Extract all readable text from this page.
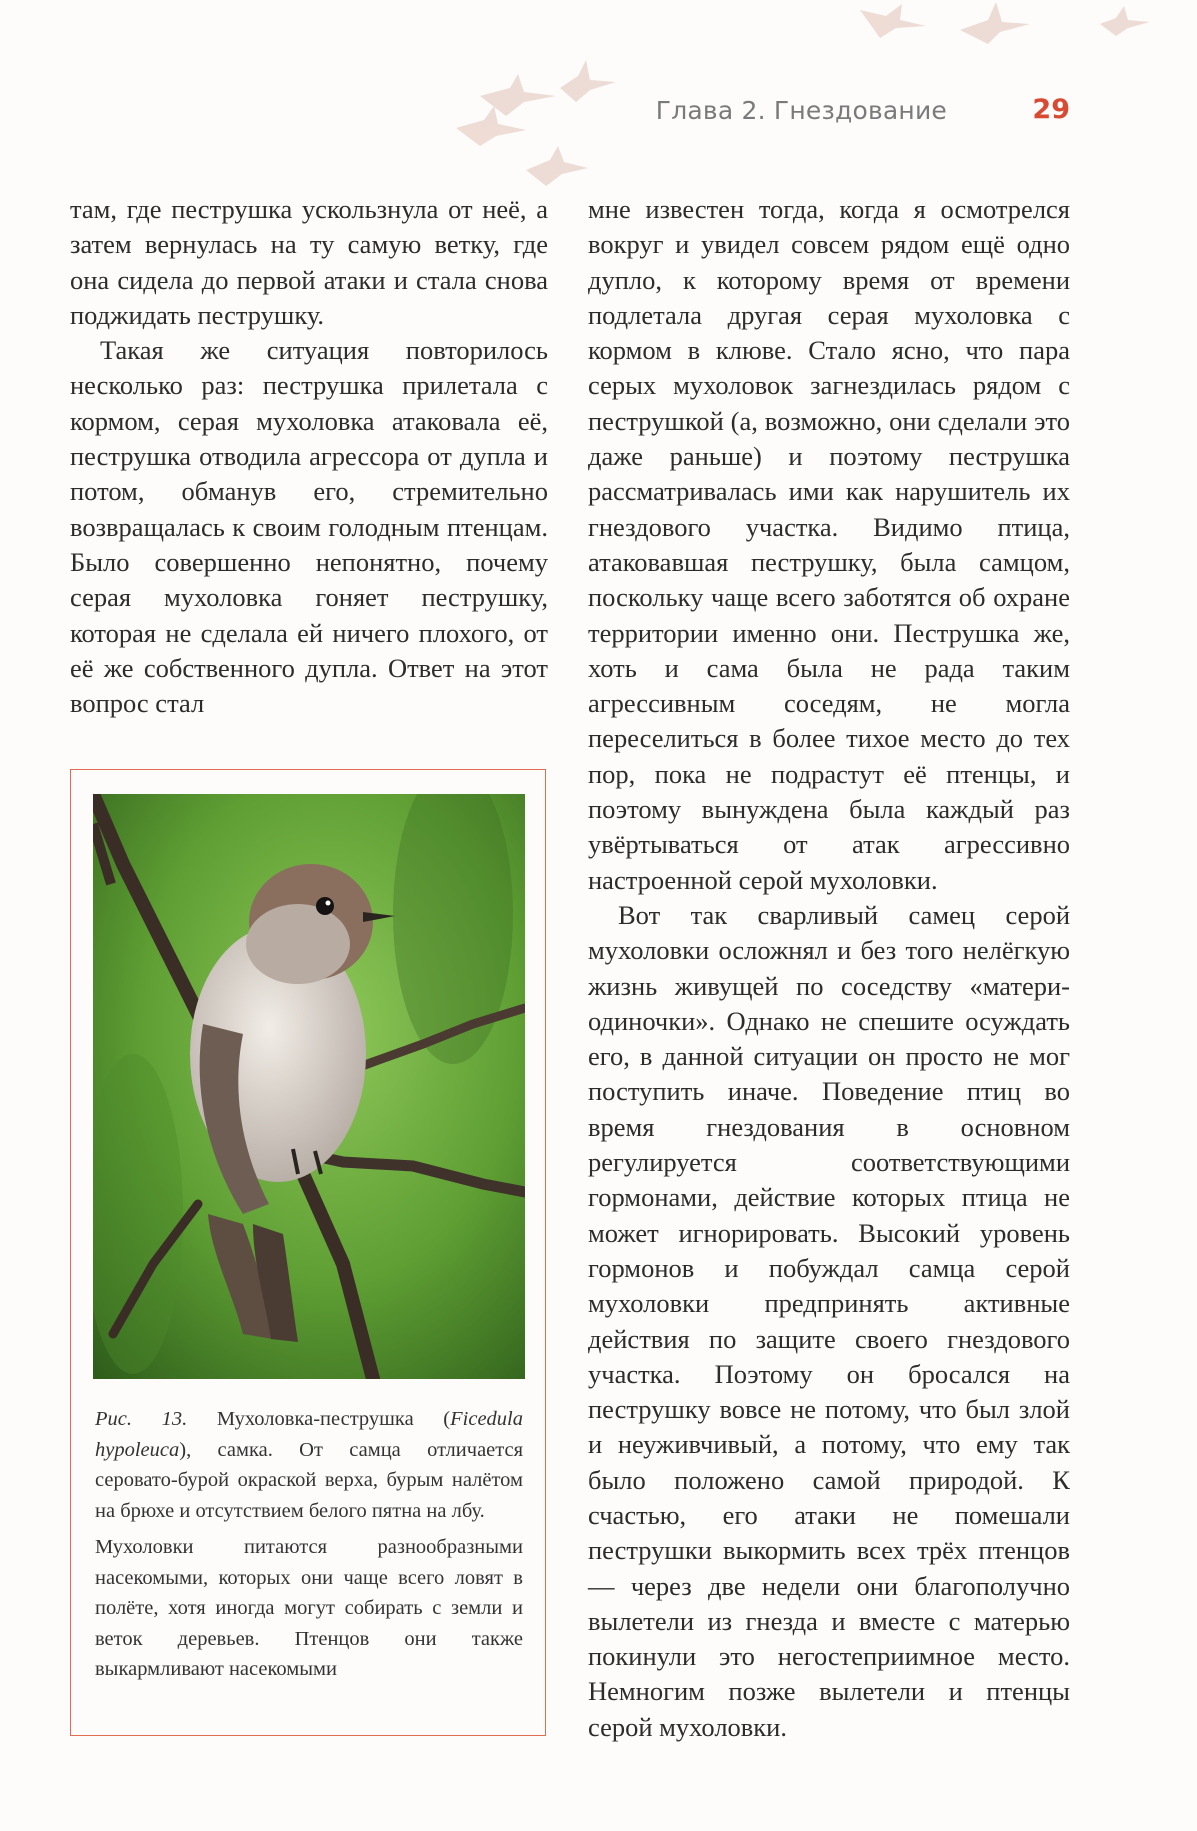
Глава 2. Гнездование	29

там, где пеструшка ускользнула от неё, а затем вернулась на ту самую ветку, где она сидела до первой атаки и стала снова поджидать пеструшку.

Такая же ситуация повторилось несколько раз: пеструшка прилетала с кормом, серая мухоловка атаковала её, пеструшка отводила агрессора от дупла и потом, обманув его, стремительно возвращалась к своим голодным птенцам. Было совершенно непонятно, почему серая мухоловка гоняет пеструшку, которая не сделала ей ничего плохого, от её же собственного дупла. Ответ на этот вопрос стал

Рис. 13. Мухоловка-пеструшка (Ficedula hypoleuca), самка. От самца отличается серовато-бурой окраской верха, бурым налётом на брюхе и отсутствием белого пятна на лбу.

Мухоловки питаются разнообразными насекомыми, которых они чаще всего ловят в полёте, хотя иногда могут собирать с земли и веток деревьев. Птенцов они также выкармливают насекомыми

мне известен тогда, когда я осмотрелся вокруг и увидел совсем рядом ещё одно дупло, к которому время от времени подлетала другая серая мухоловка с кормом в клюве. Стало ясно, что пара серых мухоловок загнездилась рядом с пеструшкой (а, возможно, они сделали это даже раньше) и поэтому пеструшка рассматривалась ими как нарушитель их гнездового участка. Видимо птица, атаковавшая пеструшку, была самцом, поскольку чаще всего заботятся об охране территории именно они. Пеструшка же, хоть и сама была не рада таким агрессивным соседям, не могла переселиться в более тихое место до тех пор, пока не подрастут её птенцы, и поэтому вынуждена была каждый раз увёртываться от атак агрессивно настроенной серой мухоловки.

Вот так сварливый самец серой мухоловки осложнял и без того нелёгкую жизнь живущей по соседству «матери-одиночки». Однако не спешите осуждать его, в данной ситуации он просто не мог поступить иначе. Поведение птиц во время гнездования в основном регулируется соответствующими гормонами, действие которых птица не может игнорировать. Высокий уровень гормонов и побуждал самца серой мухоловки предпринять активные действия по защите своего гнездового участка. Поэтому он бросался на пеструшку вовсе не потому, что был злой и неуживчивый, а потому, что ему так было положено самой природой. К счастью, его атаки не помешали пеструшки выкормить всех трёх птенцов — через две недели они благополучно вылетели из гнезда и вместе с матерью покинули это негостеприимное место. Немногим позже вылетели и птенцы серой мухоловки.
